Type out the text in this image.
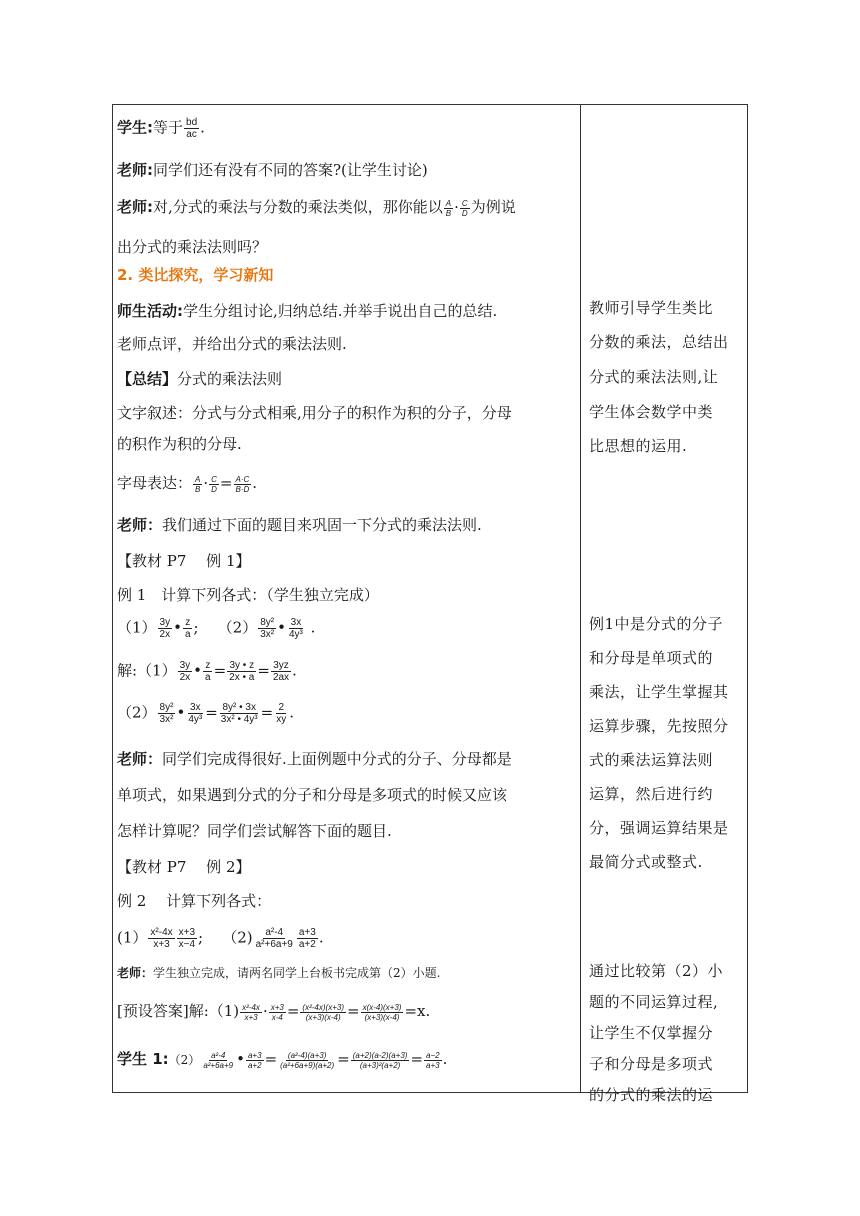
学生:等于 $\frac{bd}{ac}$ .
老师:同学们还有没有不同的答案?(让学生讨论)
老师:对,分式的乘法与分数的乘法类似，那你能以 $\frac{A}{B} \cdot \frac{C}{D}$ 为例说
出分式的乘法法则吗？
2. 类比探究，学习新知
师生活动:学生分组讨论,归纳总结.并举手说出自己的总结.
老师点评，并给出分式的乘法法则.
【总结】分式的乘法法则
文字叙述：分式与分式相乘,用分子的积作为积的分子，分母
的积作为积的分母.
字母表达： $\frac{A}{B} \cdot \frac{C}{D} = \frac{A\cdot C}{B\cdot D}$ .
老师：我们通过下面的题目来巩固一下分式的乘法法则.
【教材 P7　 例 1】
例 1　计算下列各式：（学生独立完成）
$(1) \frac{3y}{2x}$ • $\frac{z}{a}$ ;    $(2) \frac{\text{8y²}}{\text{3x²}}$ • $\frac{3x}{\text{4y³}}$ .
解:（1） $\frac{3y}{2x}$ • $\frac{z}{a} = \frac{3y • z}{2x • a} = \frac{3yz}{2ax}$ .
$(2) \frac{\text{8y²}}{\text{3x²}}$ • $\frac{3x}{\text{4y³}} = \frac{\text{8y² • 3x}}{\text{3x² • 4y³}} = \frac{2}{xy}$ .
老师：同学们完成得很好.上面例题中分式的分子、分母都是
单项式，如果遇到分式的分子和分母是多项式的时候又应该
怎样计算呢？同学们尝试解答下面的题目.
【教材 P7　 例 2】
例 2　 计算下列各式：
$(1) \frac{\text{x²-4x}}{x+3} \frac{x+3}{x-4}$ ;    $(2) \frac{\text{a²-4}}{\text{a²+6a+9}} \frac{a+3}{a+2}$ .
老师：学生独立完成，请两名同学上台板书完成第（2）小题.
[预设答案]解:（1) $\frac{\text{x²-4x}}{x+3} \cdot \frac{x+3}{x-4} = \frac{\text{(x²-4x)(x+3)}}{(x+3)(x-4)} = \frac{x(x-4)(x+3)}{(x+3)(x-4)} =x$.
学生 1:（2） $\frac{\text{a²-4}}{\text{a²+6a+9}}$ • $\frac{a+3}{a+2} = \frac{\text{(a²-4)(a+3)}}{\text{(a²+6a+9)(a+2)}} = \frac{(a+2)(a-2)(a+3)}{\text{(a+3)²(a+2)}} = \frac{a-2}{a+3}$ .
教师引导学生类比
分数的乘法，总结出
分式的乘法法则,让
学生体会数学中类
比思想的运用.
例1中是分式的分子
和分母是单项式的
乘法，让学生掌握其
运算步骤，先按照分
式的乘法运算法则
运算，然后进行约
分，强调运算结果是
最简分式或整式.
通过比较第（2）小
题的不同运算过程,
让学生不仅掌握分
子和分母是多项式
的分式的乘法的运
